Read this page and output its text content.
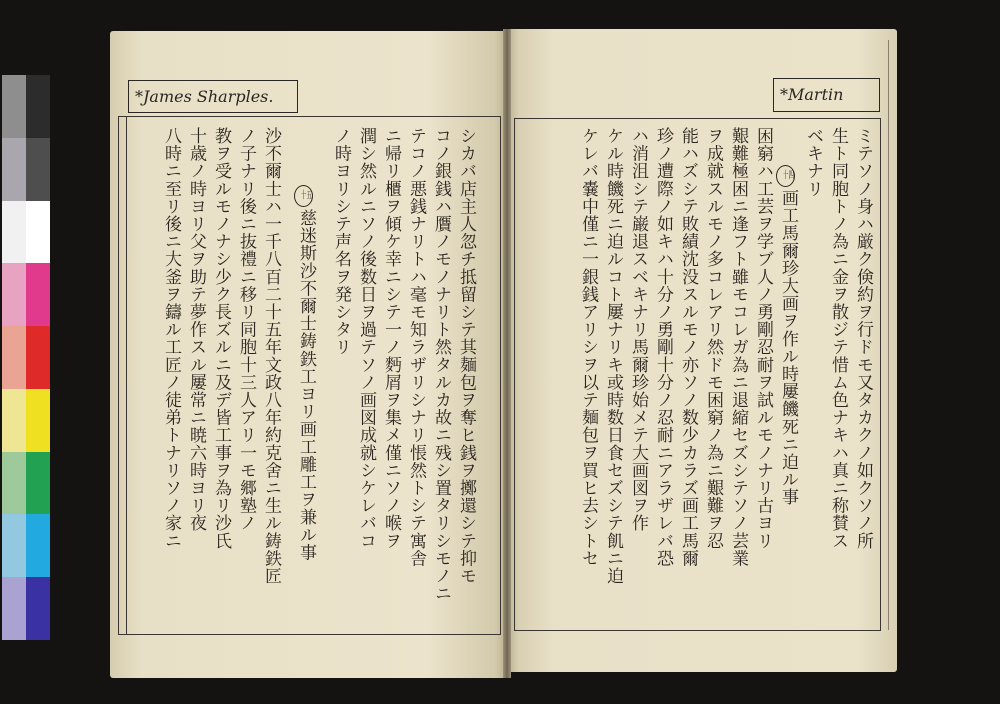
*James Sharples.	*Martin
ミテソノ身ハ厳ク倹約ヲ行ドモ又タカクノ如クソノ所
生ト同胞トノ為ニ金ヲ散ジテ惜ム色ナキハ真ニ称賛ス
ベキナリ
十四画工馬爾珍大画ヲ作ル時屢饑死ニ迫ル事
困窮ハ工芸ヲ学ブ人ノ勇剛忍耐ヲ試ルモノナリ古ヨリ
艱難極困ニ逢フト雖モコレガ為ニ退縮セズシテソノ芸業
ヲ成就スルモノ多コレアリ然ドモ困窮ノ為ニ艱難ヲ忍
能ハズシテ敗績沈没スルモノ亦ソノ数少カラズ画工馬爾
珍ノ遭際ノ如キハ十分ノ勇剛十分ノ忍耐ニアラザレバ恐
ハ消沮シテ巌退スベキナリ馬爾珍始メテ大画図ヲ作
ケル時饑死ニ迫ルコト屢ナリキ或時数日食セズシテ飢ニ迫
ケレバ嚢中僅ニ一銀銭アリシヲ以テ麺包ヲ買ヒ去シトセ
シカバ店主人忽チ抵留シテ其麺包ヲ奪ヒ銭ヲ擲還シテ抑モ
コノ銀銭ハ贋ノモノナリト然タルカ故ニ残シ置タリシモノニ
テコノ悪銭ナリトハ毫モ知ラザリシナリ悵然トシテ寓舎
ニ帰リ櫃ヲ傾ケ幸ニシテ一ノ麪屑ヲ集メ僅ニソノ喉ヲ
潤シ然ルニソノ後数日ヲ過テソノ画図成就シケレバコ
ノ時ヨリシテ声名ヲ発シタリ
十五慈迷斯沙不爾士鋳鉄工ヨリ画工雕工ヲ兼ル事
沙不爾士ハ一千八百二十五年文政八年約克舍ニ生ル鋳鉄匠
ノ子ナリ後ニ抜禮ニ移リ同胞十三人アリ一モ郷塾ノ
教ヲ受ルモノナシ少ク長ズルニ及デ皆工事ヲ為リ沙氏
十歳ノ時ヨリ父ヲ助テ夢作スル屢常ニ暁六時ヨリ夜
八時ニ至リ後ニ大釜ヲ鑄ル工匠ノ徒弟トナリソノ家ニ
